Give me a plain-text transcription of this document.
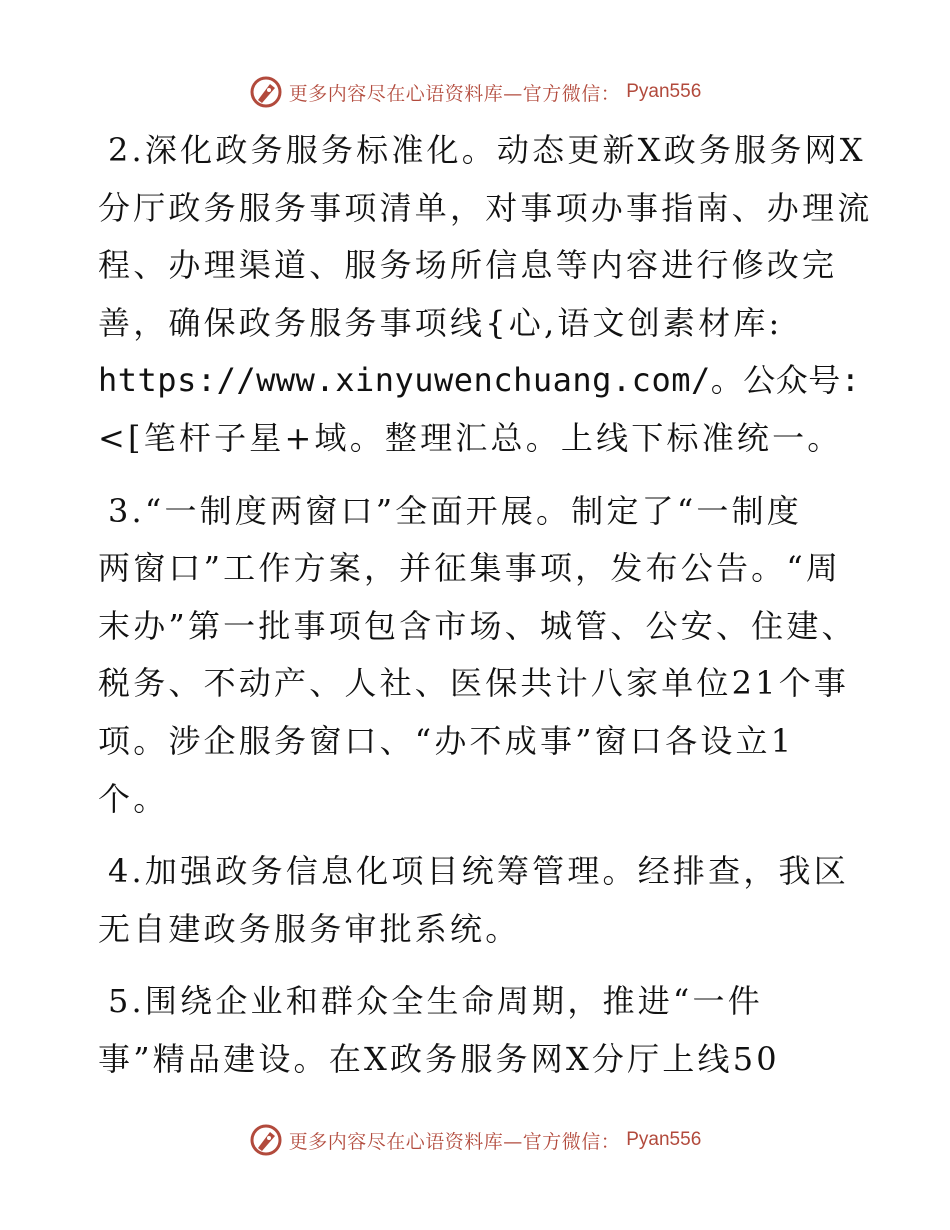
更多内容尽在心语资料库—官方微信： Pyan556
2.深化政务服务标准化。动态更新X政务服务网X
分厅政务服务事项清单，对事项办事指南、办理流
程、办理渠道、服务场所信息等内容进行修改完
善，确保政务服务事项线{心,语文创素材库:
https://www.xinyuwenchuang.com/。公众号:
<[笔杆子星+域。整理汇总。上线下标准统一。
3.“一制度两窗口”全面开展。制定了“一制度
两窗口”工作方案，并征集事项，发布公告。“周
末办”第一批事项包含市场、城管、公安、住建、
税务、不动产、人社、医保共计八家单位21个事
项。涉企服务窗口、“办不成事”窗口各设立1
个。
4.加强政务信息化项目统筹管理。经排查，我区
无自建政务服务审批系统。
5.围绕企业和群众全生命周期，推进“一件
事”精品建设。在X政务服务网X分厅上线50
更多内容尽在心语资料库—官方微信： Pyan556
